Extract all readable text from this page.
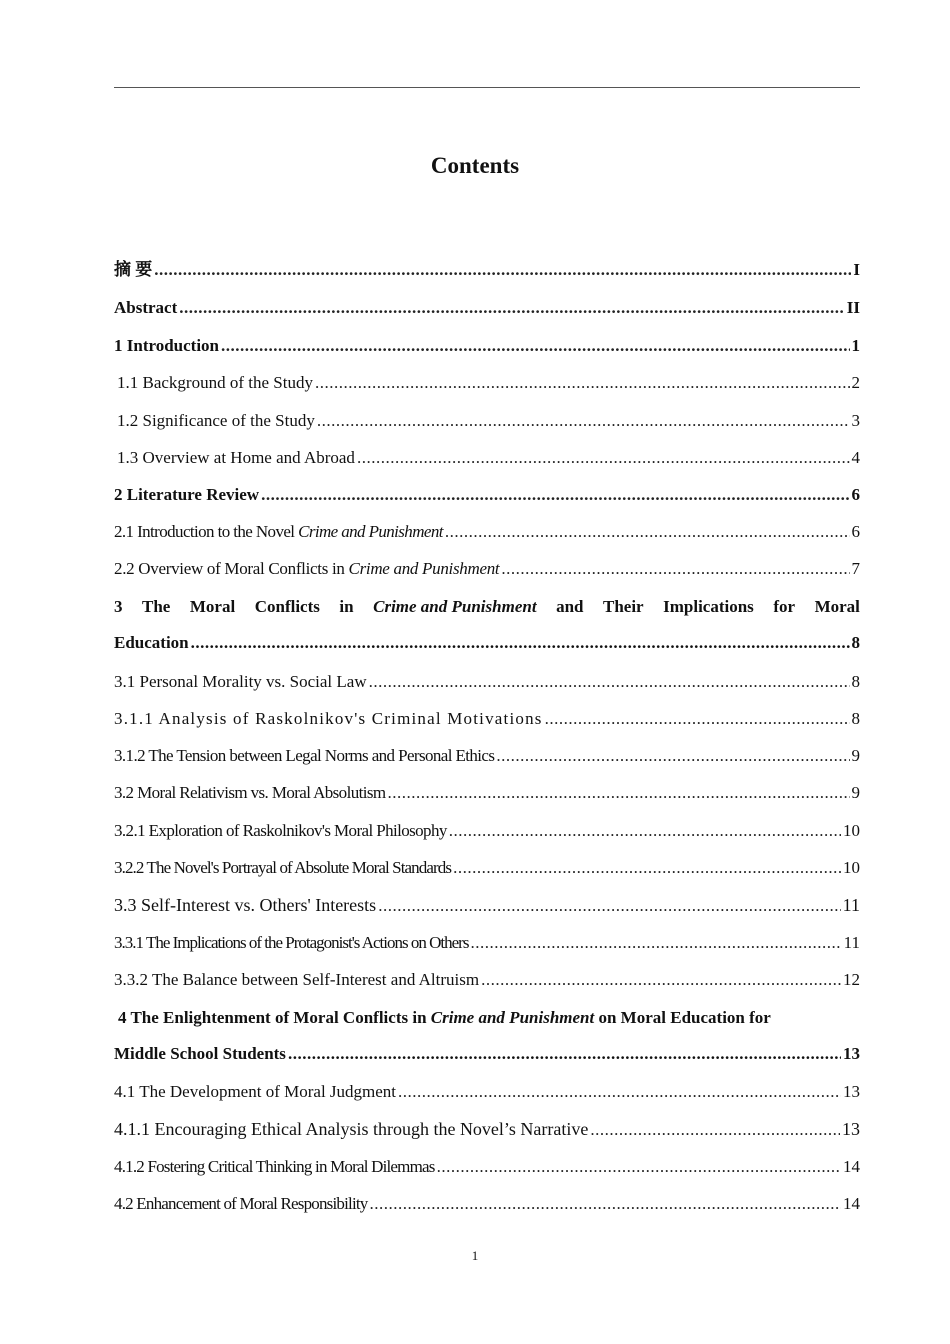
Contents
摘 要 .....	I
Abstract .....	II
1 Introduction .....	1
1.1 Background of the Study .....	2
1.2 Significance of the Study .....	3
1.3 Overview at Home and Abroad .....	4
2 Literature Review .....	6
2.1 Introduction to the Novel Crime and Punishment .....	6
2.2 Overview of Moral Conflicts in Crime and Punishment .....	7
3 The Moral Conflicts in Crime and Punishment and Their Implications for Moral
Education .....	8
3.1 Personal Morality vs. Social Law .....	8
3.1.1 Analysis of Raskolnikov's Criminal Motivations .....	8
3.1.2 The Tension between Legal Norms and Personal Ethics .....	9
3.2 Moral Relativism vs. Moral Absolutism .....	9
3.2.1 Exploration of Raskolnikov's Moral Philosophy .....	10
3.2.2 The Novel's Portrayal of Absolute Moral Standards .....	10
3.3 Self-Interest vs. Others' Interests .....	11
3.3.1 The Implications of the Protagonist's Actions on Others .....	11
3.3.2 The Balance between Self-Interest and Altruism .....	12
4 The Enlightenment of Moral Conflicts in Crime and Punishment on Moral Education for
Middle School Students .....	13
4.1 The Development of Moral Judgment .....	13
4.1.1 Encouraging Ethical Analysis through the Novel’s Narrative .....	13
4.1.2 Fostering Critical Thinking in Moral Dilemmas .....	14
4.2 Enhancement of Moral Responsibility .....	14
1
